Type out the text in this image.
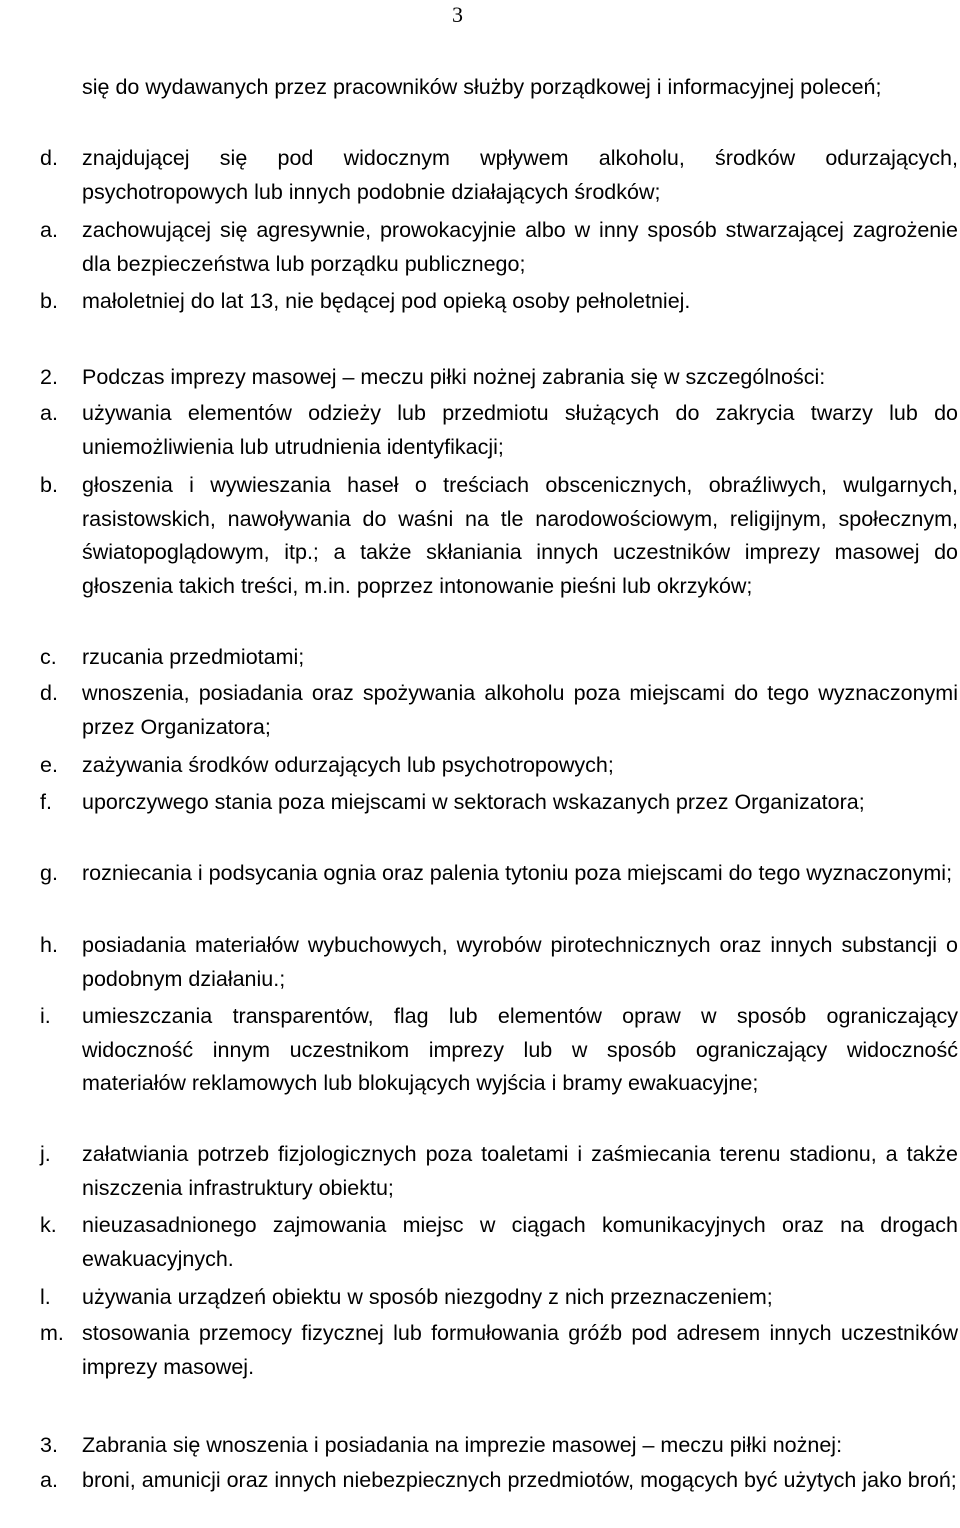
3
się do wydawanych przez pracowników służby porządkowej i informacyjnej poleceń;
d.	znajdującej się pod widocznym wpływem alkoholu, środków odurzających, psychotropowych lub innych podobnie działających środków;
a.	zachowującej się agresywnie, prowokacyjnie albo w inny sposób stwarzającej zagrożenie dla bezpieczeństwa lub porządku publicznego;
b.	małoletniej do lat 13, nie będącej pod opieką osoby pełnoletniej.
2.	Podczas imprezy masowej – meczu piłki nożnej zabrania się w szczególności:
a.	używania elementów odzieży lub przedmiotu służących do zakrycia twarzy lub do uniemożliwienia lub utrudnienia identyfikacji;
b.	głoszenia i wywieszania haseł o treściach obscenicznych, obraźliwych, wulgarnych, rasistowskich, nawoływania do waśni na tle narodowościowym, religijnym, społecznym, światopoglądowym, itp.; a także skłaniania innych uczestników imprezy masowej do głoszenia takich treści, m.in. poprzez intonowanie pieśni lub okrzyków;
c.	rzucania przedmiotami;
d.	wnoszenia, posiadania oraz spożywania alkoholu poza miejscami do tego wyznaczonymi przez Organizatora;
e.	zażywania środków odurzających lub psychotropowych;
f.	uporczywego stania poza miejscami w sektorach wskazanych przez Organizatora;
g.	rozniecania i podsycania ognia oraz palenia tytoniu poza miejscami do tego wyznaczonymi;
h.	posiadania materiałów wybuchowych, wyrobów pirotechnicznych oraz innych substancji o podobnym działaniu.;
i.	umieszczania transparentów, flag lub elementów opraw w sposób ograniczający widoczność innym uczestnikom imprezy lub w sposób ograniczający widoczność materiałów reklamowych lub blokujących wyjścia i bramy ewakuacyjne;
j.	załatwiania potrzeb fizjologicznych poza toaletami i zaśmiecania terenu stadionu, a także niszczenia infrastruktury obiektu;
k.	nieuzasadnionego zajmowania miejsc w ciągach komunikacyjnych oraz na drogach ewakuacyjnych.
l.	używania urządzeń obiektu w sposób niezgodny z nich przeznaczeniem;
m. stosowania przemocy fizycznej lub formułowania gróźb pod adresem innych uczestników imprezy masowej.
3.	Zabrania się wnoszenia i posiadania na imprezie masowej – meczu piłki nożnej:
a.	broni, amunicji oraz innych niebezpiecznych przedmiotów, mogących być użytych jako broń;
